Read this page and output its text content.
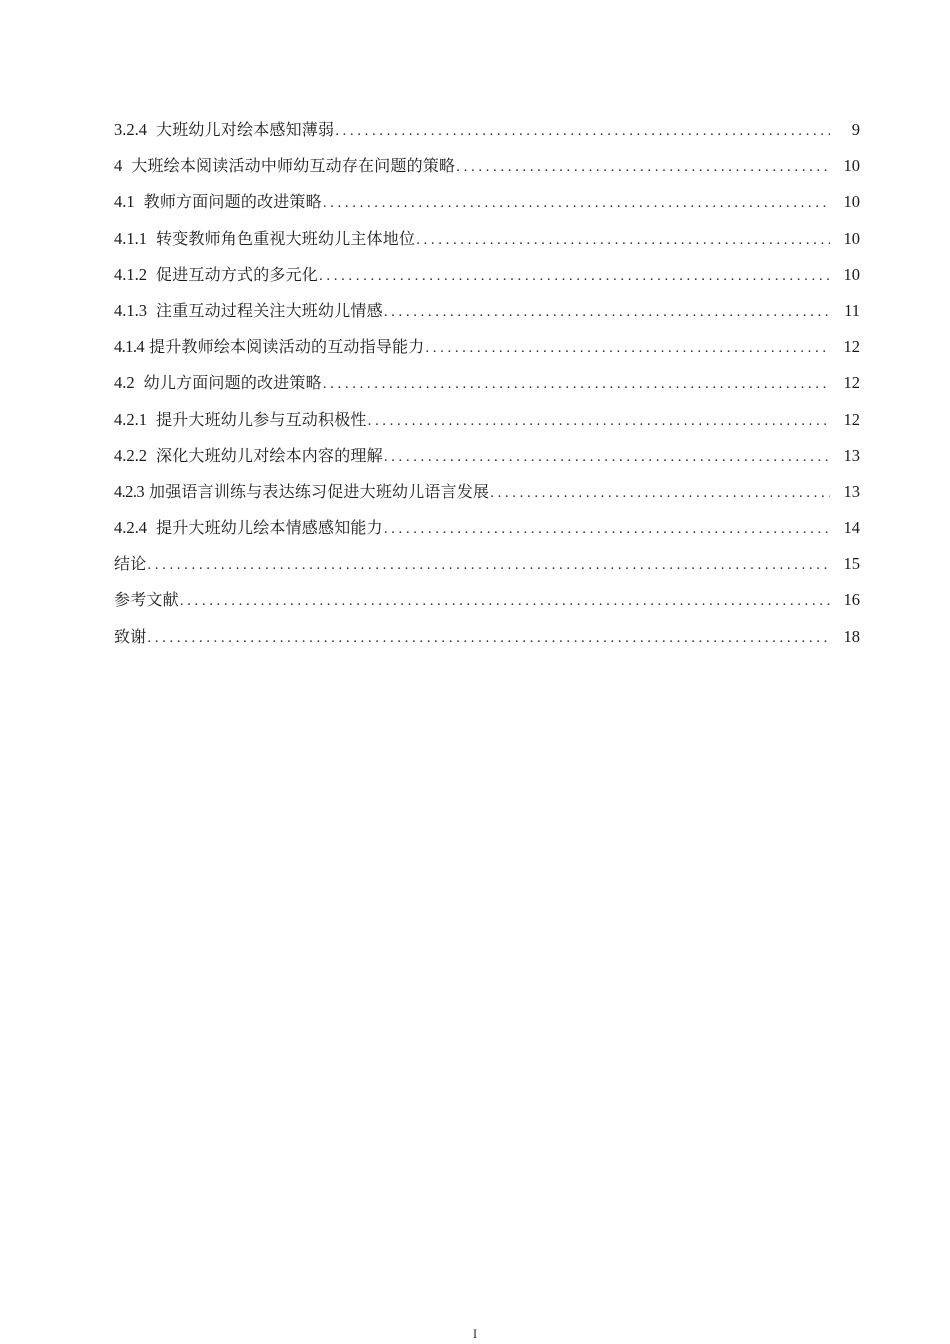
3.2.4 大班幼儿对绘本感知薄弱 .....	9
4 大班绘本阅读活动中师幼互动存在问题的策略 .....	10
4.1 教师方面问题的改进策略 .....	10
4.1.1 转变教师角色重视大班幼儿主体地位 .....	10
4.1.2 促进互动方式的多元化 .....	10
4.1.3 注重互动过程关注大班幼儿情感 .....	11
4.1.4 提升教师绘本阅读活动的互动指导能力 .....	12
4.2 幼儿方面问题的改进策略 .....	12
4.2.1 提升大班幼儿参与互动积极性 .....	12
4.2.2 深化大班幼儿对绘本内容的理解 .....	13
4.2.3 加强语言训练与表达练习促进大班幼儿语言发展 .....	13
4.2.4 提升大班幼儿绘本情感感知能力 .....	14
结论 .....	15
参考文献 .....	16
致谢 .....	18
I
